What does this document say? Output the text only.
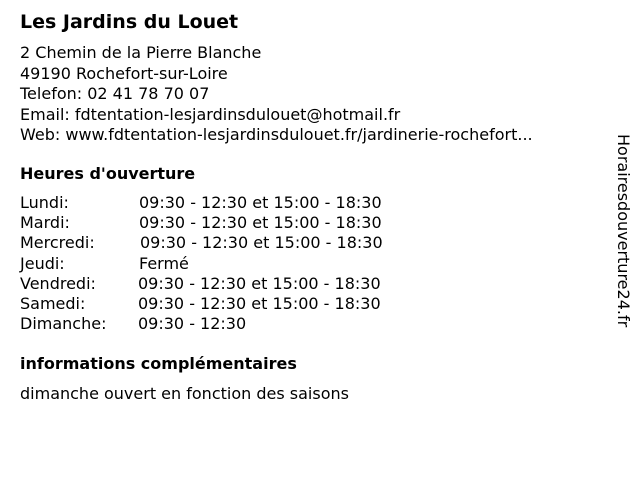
Les Jardins du Louet
2 Chemin de la Pierre Blanche
49190 Rochefort-sur-Loire
Telefon: 02 41 78 70 07
Email: fdtentation-lesjardinsdulouet@hotmail.fr
Web: www.fdtentation-lesjardinsdulouet.fr/jardinerie-rochefort...
Heures d'ouverture
Lundi:	09:30 - 12:30 et 15:00 - 18:30
Mardi:	09:30 - 12:30 et 15:00 - 18:30
Mercredi:	09:30 - 12:30 et 15:00 - 18:30
Jeudi:	Fermé
Vendredi:	09:30 - 12:30 et 15:00 - 18:30
Samedi:	09:30 - 12:30 et 15:00 - 18:30
Dimanche: 09:30 - 12:30
informations complémentaires
dimanche ouvert en fonction des saisons
Horairesdouverture24.fr
